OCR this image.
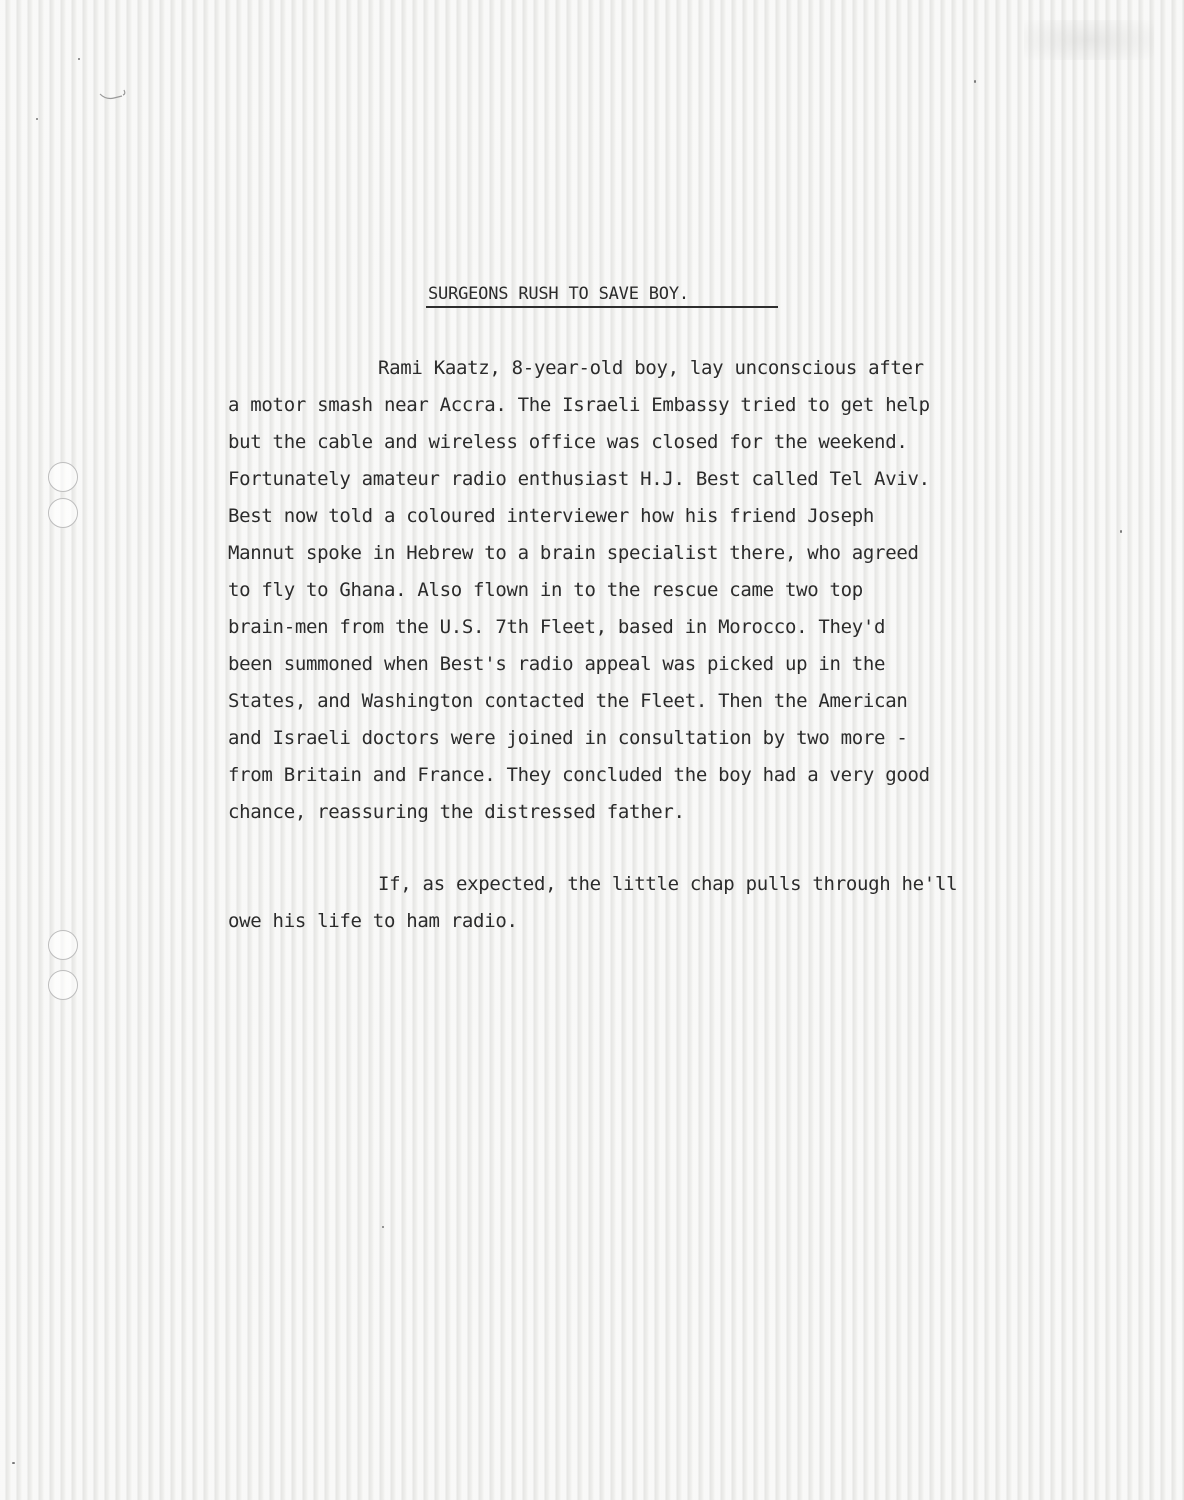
SURGEONS RUSH TO SAVE BOY.
Rami Kaatz, 8-year-old boy, lay unconscious after
a motor smash near Accra. The Israeli Embassy tried to get help
but the cable and wireless office was closed for the weekend.
Fortunately amateur radio enthusiast H.J. Best called Tel Aviv.
Best now told a coloured interviewer how his friend Joseph
Mannut spoke in Hebrew to a brain specialist there, who agreed
to fly to Ghana. Also flown in to the rescue came two top
brain-men from the U.S. 7th Fleet, based in Morocco. They'd
been summoned when Best's radio appeal was picked up in the
States, and Washington contacted the Fleet. Then the American
and Israeli doctors were joined in consultation by two more -
from Britain and France. They concluded the boy had a very good
chance, reassuring the distressed father.
If, as expected, the little chap pulls through he'll
owe his life to ham radio.
